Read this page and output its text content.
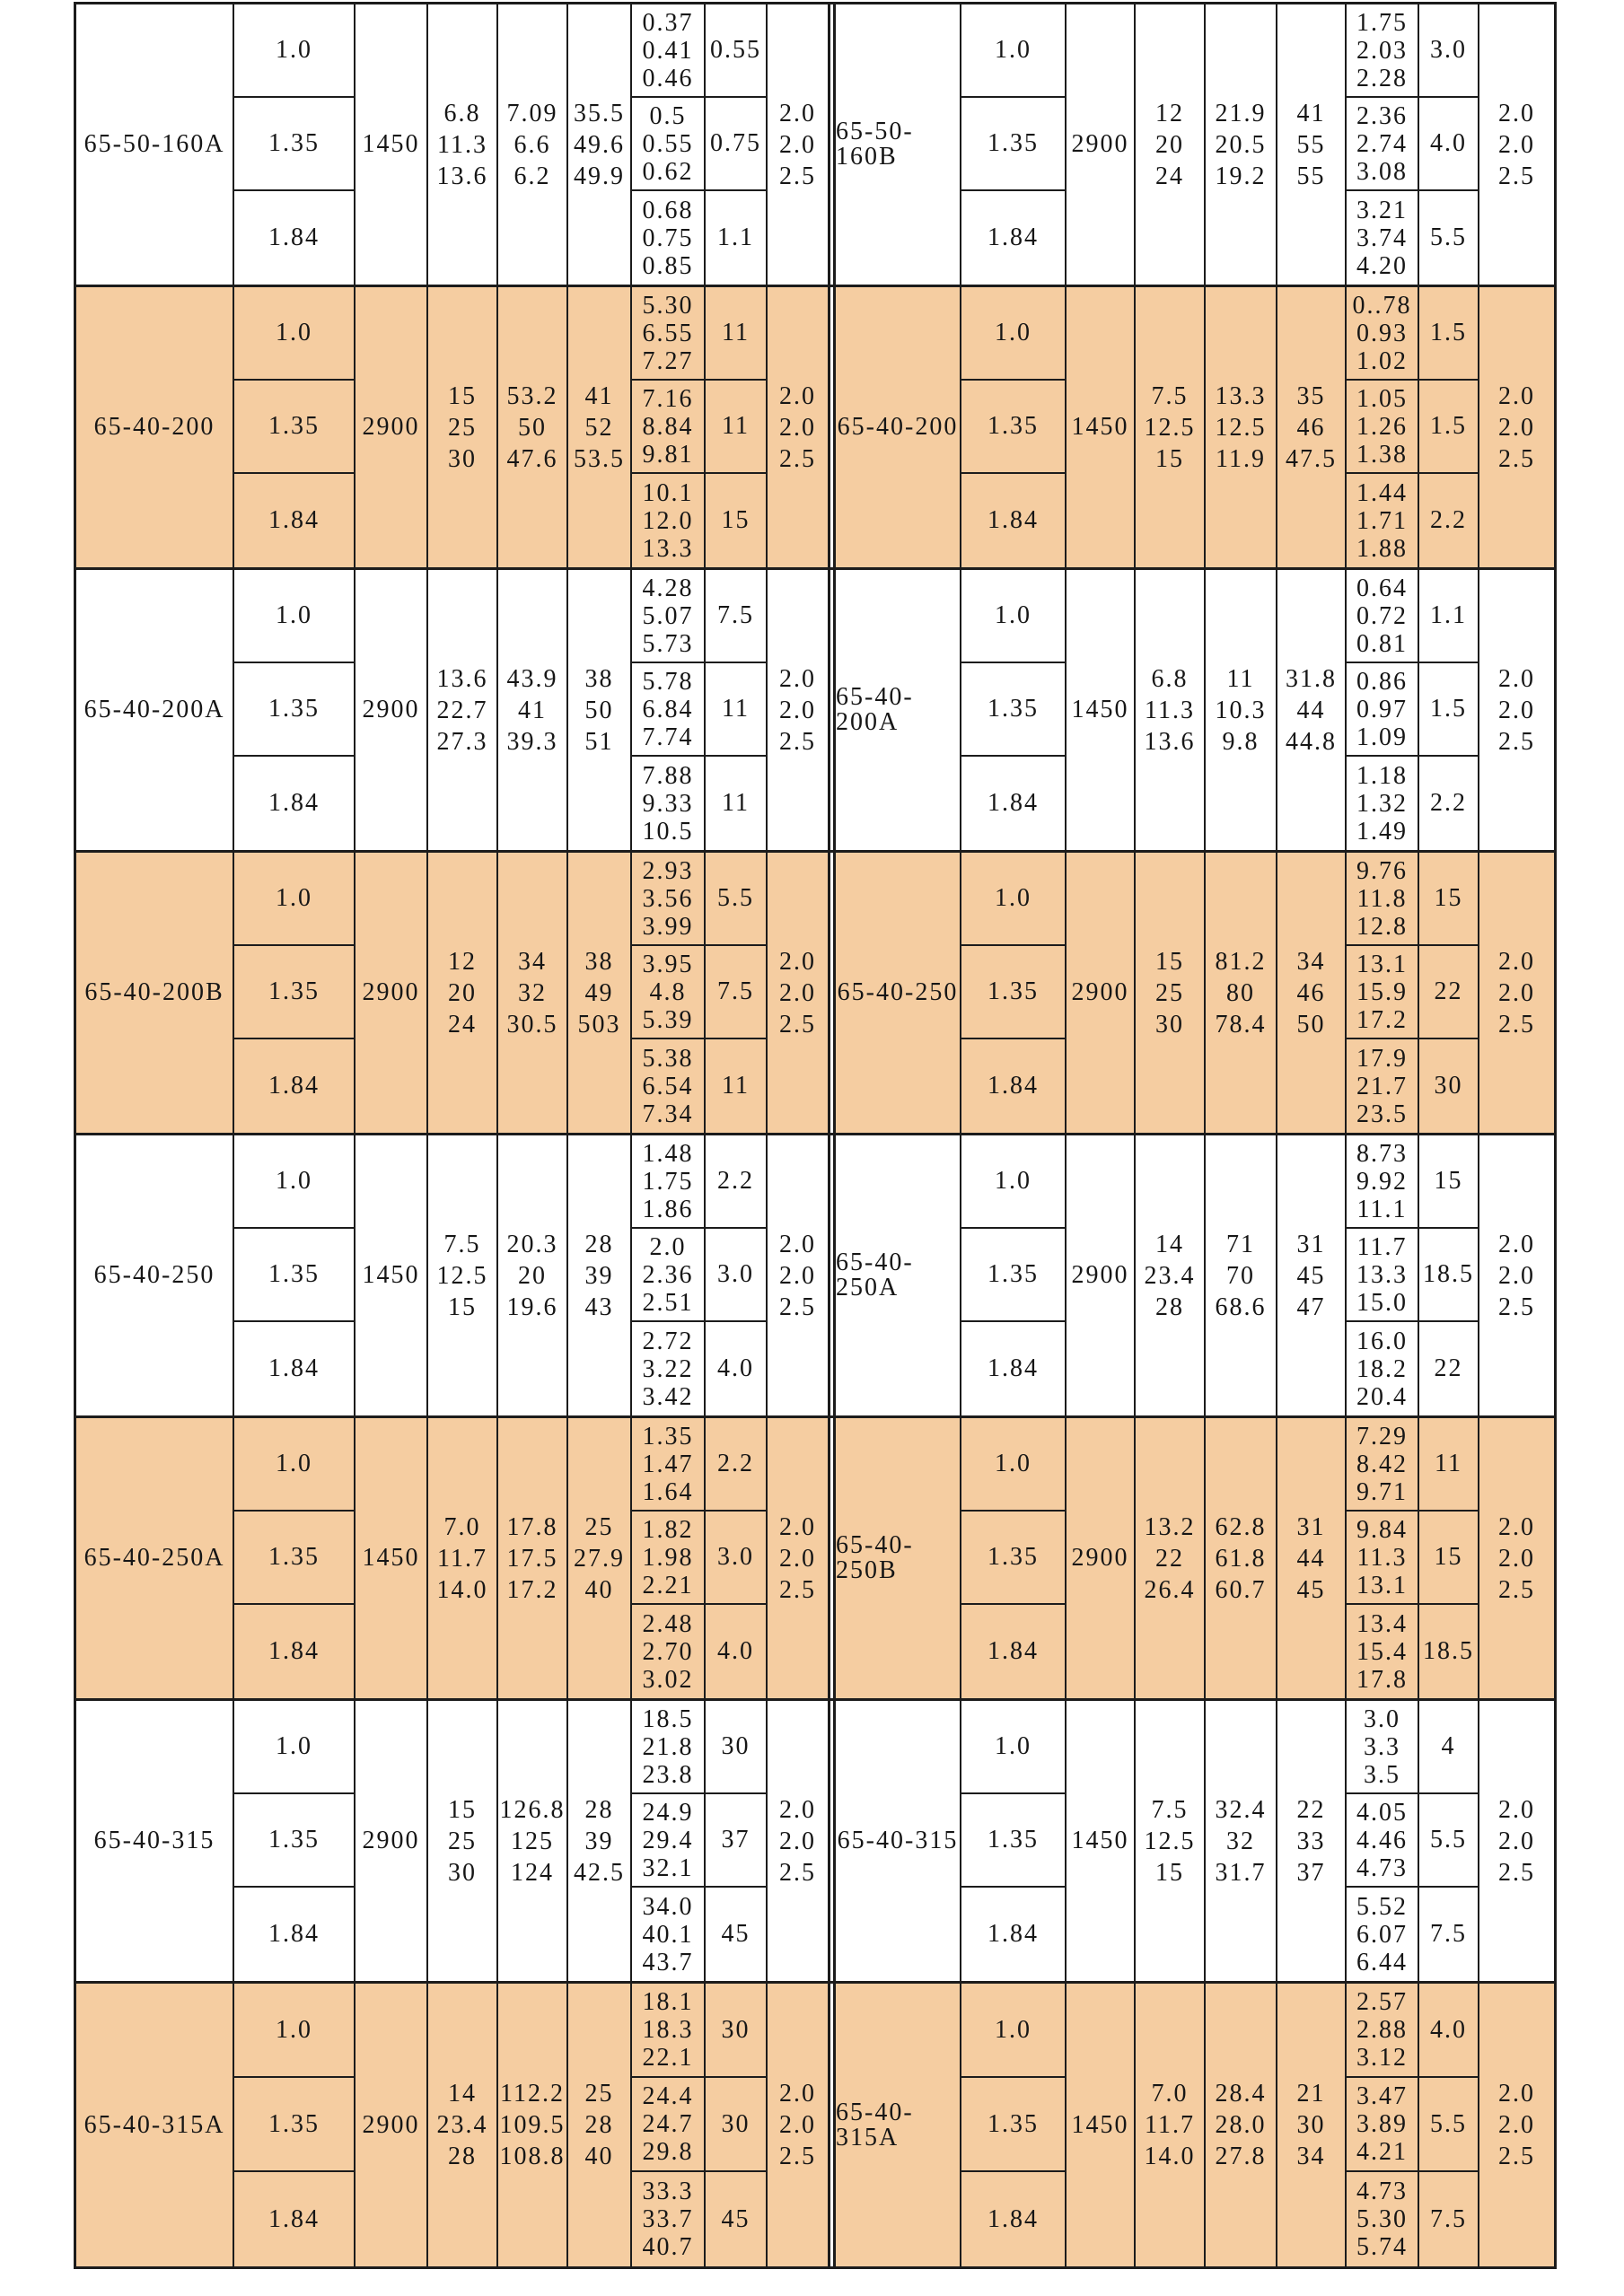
65-50-160A
1.0
1.35
1.84
1450
6.8
11.3
13.6
7.09
6.6
6.2
35.5
49.6
49.9
0.37
0.41
0.46
0.5
0.55
0.62
0.68
0.75
0.85
0.55
0.75
1.1
2.0
2.0
2.5
65-50-160B
1.0
1.35
1.84
2900
12
20
24
21.9
20.5
19.2
41
55
55
1.75
2.03
2.28
2.36
2.74
3.08
3.21
3.74
4.20
3.0
4.0
5.5
2.0
2.0
2.5
65-40-200
1.0
1.35
1.84
2900
15
25
30
53.2
50
47.6
41
52
53.5
5.30
6.55
7.27
7.16
8.84
9.81
10.1
12.0
13.3
11
11
15
2.0
2.0
2.5
65-40-200
1.0
1.35
1.84
1450
7.5
12.5
15
13.3
12.5
11.9
35
46
47.5
0..78
0.93
1.02
1.05
1.26
1.38
1.44
1.71
1.88
1.5
1.5
2.2
2.0
2.0
2.5
65-40-200A
1.0
1.35
1.84
2900
13.6
22.7
27.3
43.9
41
39.3
38
50
51
4.28
5.07
5.73
5.78
6.84
7.74
7.88
9.33
10.5
7.5
11
11
2.0
2.0
2.5
65-40-200A
1.0
1.35
1.84
1450
6.8
11.3
13.6
11
10.3
9.8
31.8
44
44.8
0.64
0.72
0.81
0.86
0.97
1.09
1.18
1.32
1.49
1.1
1.5
2.2
2.0
2.0
2.5
65-40-200B
1.0
1.35
1.84
2900
12
20
24
34
32
30.5
38
49
503
2.93
3.56
3.99
3.95
4.8
5.39
5.38
6.54
7.34
5.5
7.5
11
2.0
2.0
2.5
65-40-250
1.0
1.35
1.84
2900
15
25
30
81.2
80
78.4
34
46
50
9.76
11.8
12.8
13.1
15.9
17.2
17.9
21.7
23.5
15
22
30
2.0
2.0
2.5
65-40-250
1.0
1.35
1.84
1450
7.5
12.5
15
20.3
20
19.6
28
39
43
1.48
1.75
1.86
2.0
2.36
2.51
2.72
3.22
3.42
2.2
3.0
4.0
2.0
2.0
2.5
65-40-250A
1.0
1.35
1.84
2900
14
23.4
28
71
70
68.6
31
45
47
8.73
9.92
11.1
11.7
13.3
15.0
16.0
18.2
20.4
15
18.5
22
2.0
2.0
2.5
65-40-250A
1.0
1.35
1.84
1450
7.0
11.7
14.0
17.8
17.5
17.2
25
27.9
40
1.35
1.47
1.64
1.82
1.98
2.21
2.48
2.70
3.02
2.2
3.0
4.0
2.0
2.0
2.5
65-40-250B
1.0
1.35
1.84
2900
13.2
22
26.4
62.8
61.8
60.7
31
44
45
7.29
8.42
9.71
9.84
11.3
13.1
13.4
15.4
17.8
11
15
18.5
2.0
2.0
2.5
65-40-315
1.0
1.35
1.84
2900
15
25
30
126.8
125
124
28
39
42.5
18.5
21.8
23.8
24.9
29.4
32.1
34.0
40.1
43.7
30
37
45
2.0
2.0
2.5
65-40-315
1.0
1.35
1.84
1450
7.5
12.5
15
32.4
32
31.7
22
33
37
3.0
3.3
3.5
4.05
4.46
4.73
5.52
6.07
6.44
4
5.5
7.5
2.0
2.0
2.5
65-40-315A
1.0
1.35
1.84
2900
14
23.4
28
112.2
109.5
108.8
25
28
40
18.1
18.3
22.1
24.4
24.7
29.8
33.3
33.7
40.7
30
30
45
2.0
2.0
2.5
65-40-315A
1.0
1.35
1.84
1450
7.0
11.7
14.0
28.4
28.0
27.8
21
30
34
2.57
2.88
3.12
3.47
3.89
4.21
4.73
5.30
5.74
4.0
5.5
7.5
2.0
2.0
2.5
